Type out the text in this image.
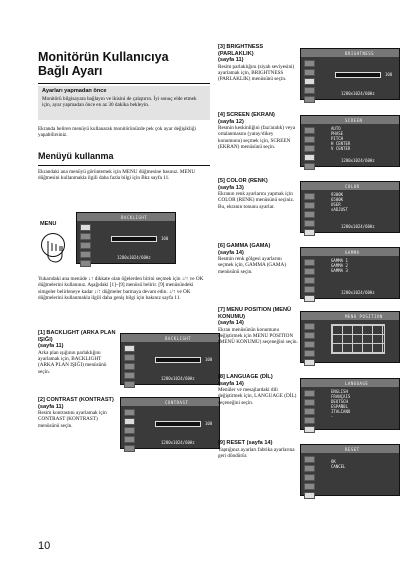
Monitörün Kullanıcıya Bağlı Ayarı
Ayarları yapmadan önce
Monitörü bilgisayara bağlayın ve ikisini de çalıştırın. İyi sonuç elde etmek için, ayar yapmadan önce en az 30 dakika bekleyin.
Ekranda beliren menüyü kullanarak monitörünüzde pek çok ayar değişikliği yapabilirsiniz.
Menüyü kullanma
Ekrandaki ana menüyü görüntemek için MENU düğmesine basınız. MENU düğmesini kullanmakla ilgili daha fazla bilgi için Bkz sayfa 11.
MENU
BACKLIGHT
100
1280x1024/60Hz
Yukarıdaki ana menüde ↓↑ dikkate olan öğelerden birini seçmek için ↓/↑ ve OK düğmelerini kullanınız. Aşağıdaki [1]~[9] menüsü belirir. [9] menüsündeki simgeler belirleneye kadar ↓/↑ düğmeler barmaya devam edin. ↓/↑ ve OK düğmelerini kullanmakla ilgili daha geniş bilgi için bakınız sayfa 11.
[1] BACKLIGHT (ARKA PLAN IŞIĞI)
(sayfa 11)
Arka plan ışığının parlaklığını ayarlamak için, BACKLIGHT (ARKA PLAN IŞIĞI) menüsünü seçin.
BACKLIGHT
100
1280x1024/60Hz
[2] CONTRAST (KONTRAST)
(sayfa 11)
Resim kontrastını ayarlamak için CONTRAST (KONTRAST) menüsünü seçin.
CONTRAST
100
1280x1024/60Hz
10
[3] BRIGHTNESS (PARLAKLIK)
(sayfa 11)
Resim parlaklığını (siyah seviyesini) ayarlamak için, BRIGHTNESS (PARLAKLIK) menüsünü seçin.
BRIGHTNESS
100
1280x1024/60Hz
[4] SCREEN (EKRAN)
(sayfa 12)
Resmin keskinliğini (faz/aralık) veya ortalanmasını (yatay/dikey konumunu) seçmek için, SCREEN (EKRAN) menüsünü seçin.
SCREEN
AUTO
PHASE
PITCH
H CENTER
V CENTER
1280x1024/60Hz
[5] COLOR (RENK)
(sayfa 13)
Ekranın renk ayarlarını yapmak için COLOR (RENK) menüsünü seçiniz. Bu, ekranın tonunu ayarlar.
COLOR
9300K
6500K
USER
sADJUST
1280x1024/60Hz
[6] GAMMA (GAMA)
(sayfa 14)
Resmin renk gölgesi ayarlarını seçmek için, GAMMA (GAMA) menüsünü seçin.
GAMMA
GAMMA 1
GAMMA 2
GAMMA 3
1280x1024/60Hz
[7] MENU POSITION (MENÜ KONUMU)
(sayfa 14)
Ekran menüsünün konumunu değiştirmek için MENU POSITION (MENÜ KONUMU) seçeneğini seçin.
MENU POSITION
[8] LANGUAGE (DİL)
(sayfa 14)
Menüler ve mesajlardaki dili değiştirmek için, LANGUAGE (DİL) seçeneğini seçin.
LANGUAGE
ENGLISH
FRANÇAIS
DEUTSCH
ESPAÑOL
ITALIANO
-
[9] RESET (sayfa 14)
Yaptığınız ayarları fabrika ayarlarına geri döndürür.
RESET
OK
CANCEL
